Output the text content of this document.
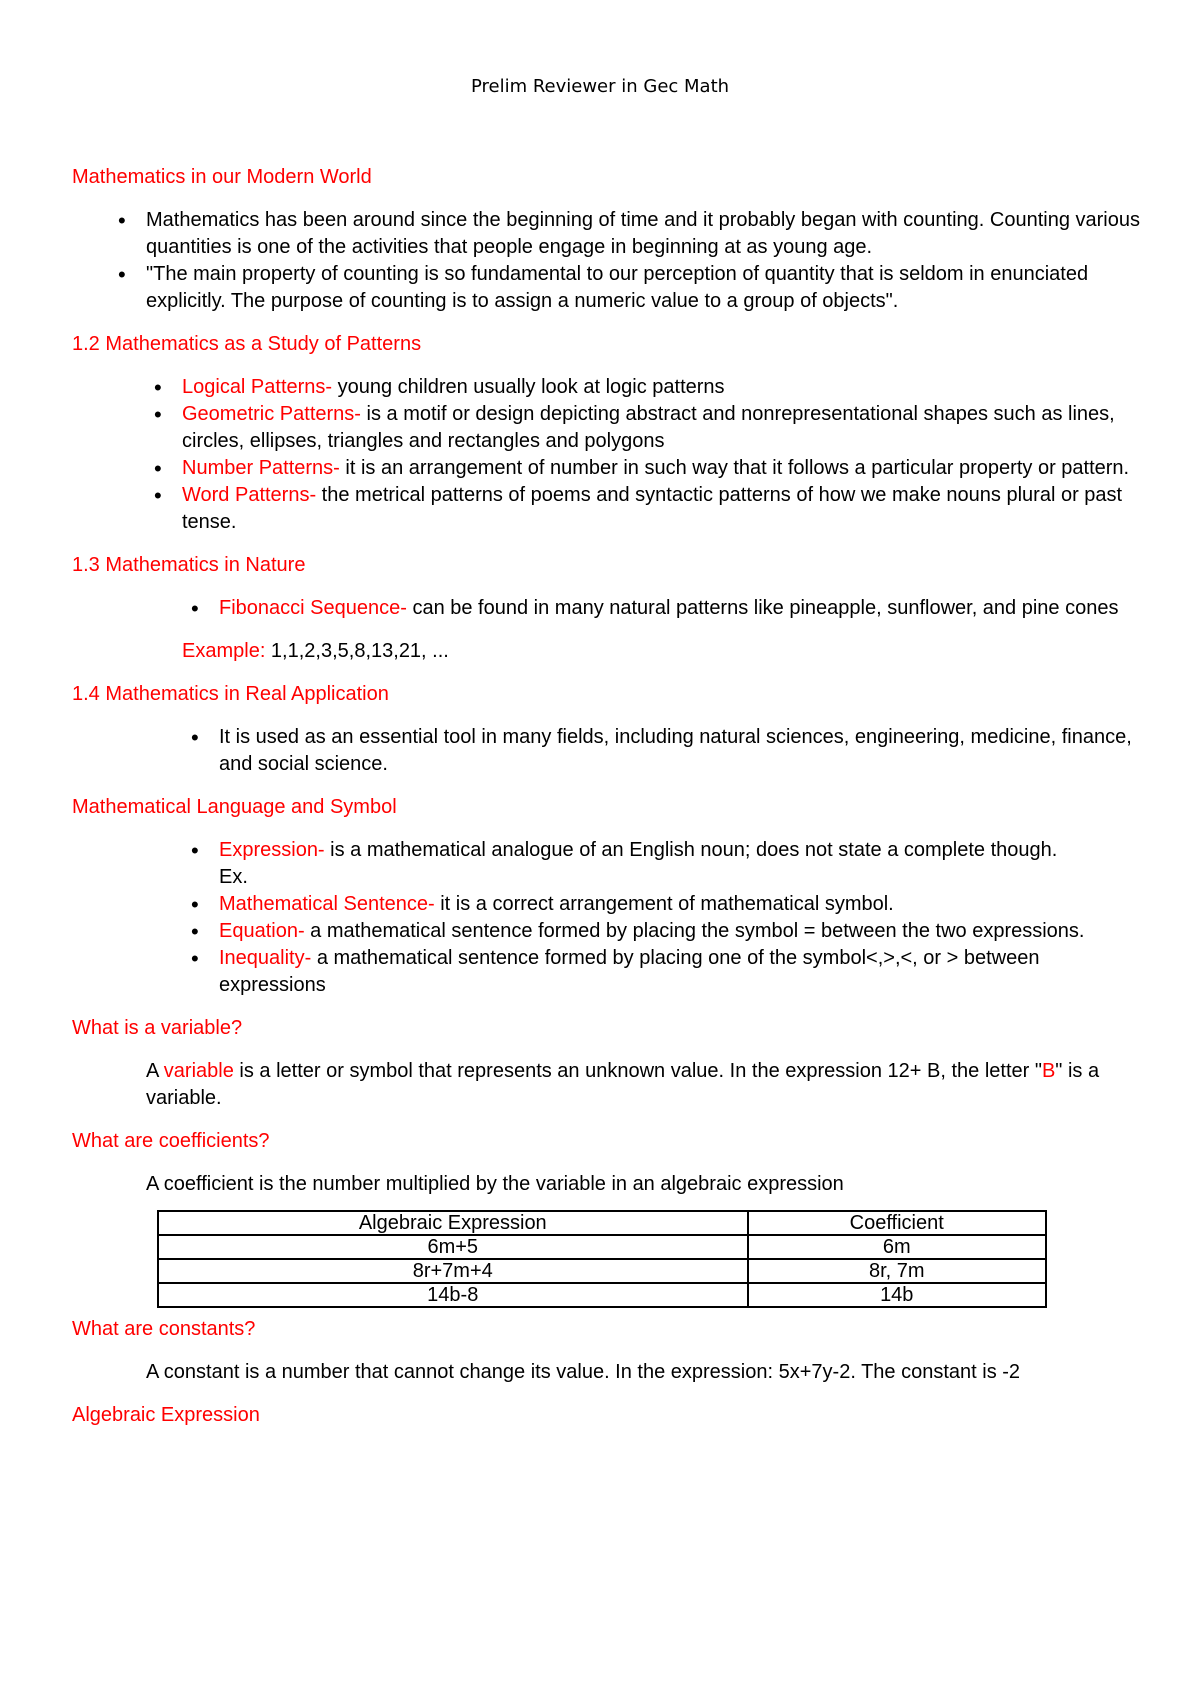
Prelim Reviewer in Gec Math
Mathematics in our Modern World
• Mathematics has been around since the beginning of time and it probably began with counting. Counting various quantities is one of the activities that people engage in beginning at as young age.
• "The main property of counting is so fundamental to our perception of quantity that is seldom in enunciated explicitly. The purpose of counting is to assign a numeric value to a group of objects".
1.2 Mathematics as a Study of Patterns
• Logical Patterns- young children usually look at logic patterns
• Geometric Patterns- is a motif or design depicting abstract and nonrepresentational shapes such as lines, circles, ellipses, triangles and rectangles and polygons
• Number Patterns- it is an arrangement of number in such way that it follows a particular property or pattern.
• Word Patterns- the metrical patterns of poems and syntactic patterns of how we make nouns plural or past tense.
1.3 Mathematics in Nature
• Fibonacci Sequence- can be found in many natural patterns like pineapple, sunflower, and pine cones

Example: 1,1,2,3,5,8,13,21, ...

1.4 Mathematics in Real Application
• It is used as an essential tool in many fields, including natural sciences, engineering, medicine, finance, and social science.
Mathematical Language and Symbol
• Expression- is a mathematical analogue of an English noun; does not state a complete though.
Ex.
• Mathematical Sentence- it is a correct arrangement of mathematical symbol.
• Equation- a mathematical sentence formed by placing the symbol = between the two expressions.
• Inequality- a mathematical sentence formed by placing one of the symbol<,>,<, or > between expressions
What is a variable?

A variable is a letter or symbol that represents an unknown value. In the expression 12+ B, the letter "B" is a variable.

What are coefficients?

A coefficient is the number multiplied by the variable in an algebraic expression

Algebraic Expression	Coefficient
6m+5	6m
8r+7m+4	8r, 7m
14b-8	14b
What are constants?

A constant is a number that cannot change its value. In the expression: 5x+7y-2. The constant is -2

Algebraic Expression
